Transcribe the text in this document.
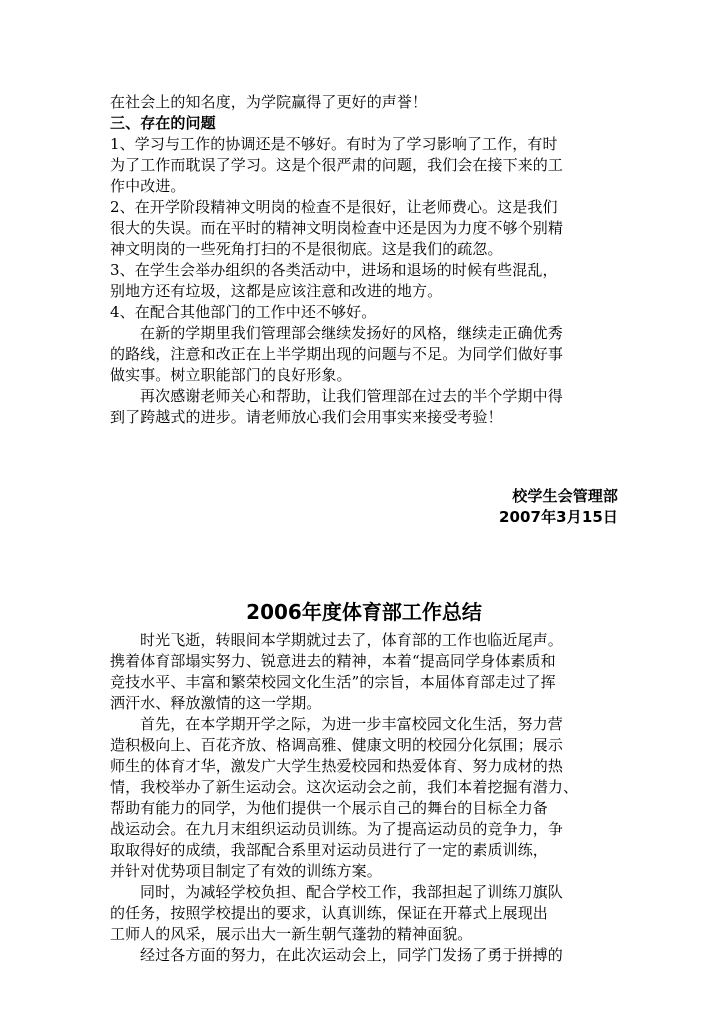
在社会上的知名度，为学院赢得了更好的声誉！
三、存在的问题
1、学习与工作的协调还是不够好。有时为了学习影响了工作，有时
为了工作而耽误了学习。这是个很严肃的问题，我们会在接下来的工
作中改进。
2、在开学阶段精神文明岗的检查不是很好，让老师费心。这是我们
很大的失误。而在平时的精神文明岗检查中还是因为力度不够个别精
神文明岗的一些死角打扫的不是很彻底。这是我们的疏忽。
3、在学生会举办组织的各类活动中，进场和退场的时候有些混乱，
别地方还有垃圾，这都是应该注意和改进的地方。
4、在配合其他部门的工作中还不够好。
在新的学期里我们管理部会继续发扬好的风格，继续走正确优秀
的路线，注意和改正在上半学期出现的问题与不足。为同学们做好事
做实事。树立职能部门的良好形象。
再次感谢老师关心和帮助，让我们管理部在过去的半个学期中得
到了跨越式的进步。请老师放心我们会用事实来接受考验！
校学生会管理部
2007年3月15日
2006年度体育部工作总结
时光飞逝，转眼间本学期就过去了，体育部的工作也临近尾声。
携着体育部塌实努力、锐意进去的精神，本着“提高同学身体素质和
竞技水平、丰富和繁荣校园文化生活”的宗旨，本届体育部走过了挥
洒汗水、释放激情的这一学期。
首先，在本学期开学之际，为进一步丰富校园文化生活，努力营
造积极向上、百花齐放、格调高雅、健康文明的校园分化氛围；展示
师生的体育才华，激发广大学生热爱校园和热爱体育、努力成材的热
情，我校举办了新生运动会。这次运动会之前，我们本着挖掘有潜力、
帮助有能力的同学，为他们提供一个展示自己的舞台的目标全力备
战运动会。在九月末组织运动员训练。为了提高运动员的竞争力，争
取取得好的成绩，我部配合系里对运动员进行了一定的素质训练，
并针对优势项目制定了有效的训练方案。
同时，为减轻学校负担、配合学校工作，我部担起了训练刀旗队
的任务，按照学校提出的要求，认真训练，保证在开幕式上展现出
工师人的风采，展示出大一新生朝气蓬勃的精神面貌。
经过各方面的努力，在此次运动会上，同学门发扬了勇于拼搏的
